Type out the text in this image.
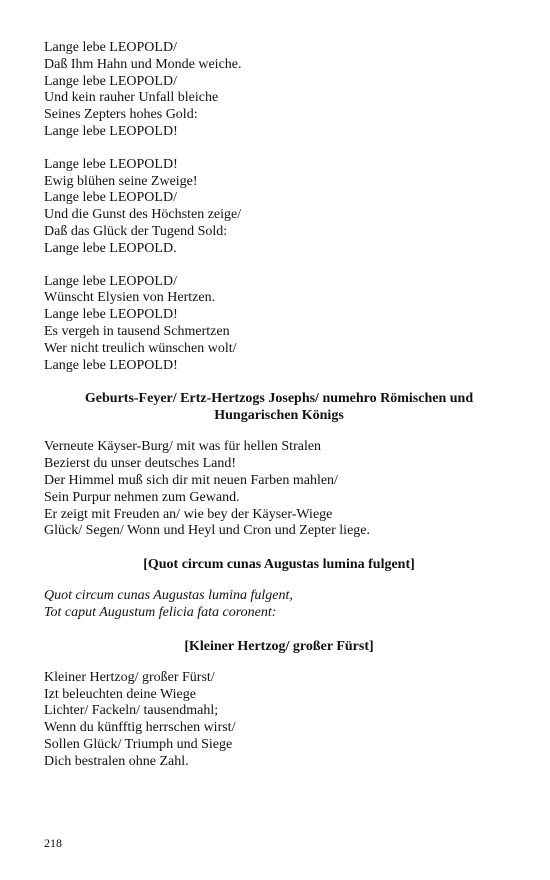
Lange lebe LEOPOLD/
Daß Ihm Hahn und Monde weiche.
Lange lebe LEOPOLD/
Und kein rauher Unfall bleiche
Seines Zepters hohes Gold:
Lange lebe LEOPOLD!
Lange lebe LEOPOLD!
Ewig blühen seine Zweige!
Lange lebe LEOPOLD/
Und die Gunst des Höchsten zeige/
Daß das Glück der Tugend Sold:
Lange lebe LEOPOLD.
Lange lebe LEOPOLD/
Wünscht Elysien von Hertzen.
Lange lebe LEOPOLD!
Es vergeh in tausend Schmertzen
Wer nicht treulich wünschen wolt/
Lange lebe LEOPOLD!
Geburts-Feyer/ Ertz-Hertzogs Josephs/ numehro Römischen und
Hungarischen Königs
Verneute Käyser-Burg/ mit was für hellen Stralen
Bezierst du unser deutsches Land!
Der Himmel muß sich dir mit neuen Farben mahlen/
Sein Purpur nehmen zum Gewand.
Er zeigt mit Freuden an/ wie bey der Käyser-Wiege
Glück/ Segen/ Wonn und Heyl und Cron und Zepter liege.
[Quot circum cunas Augustas lumina fulgent]
Quot circum cunas Augustas lumina fulgent,
Tot caput Augustum felicia fata coronent:
[Kleiner Hertzog/ großer Fürst]
Kleiner Hertzog/ großer Fürst/
Izt beleuchten deine Wiege
Lichter/ Fackeln/ tausendmahl;
Wenn du künfftig herrschen wirst/
Sollen Glück/ Triumph und Siege
Dich bestralen ohne Zahl.
218
